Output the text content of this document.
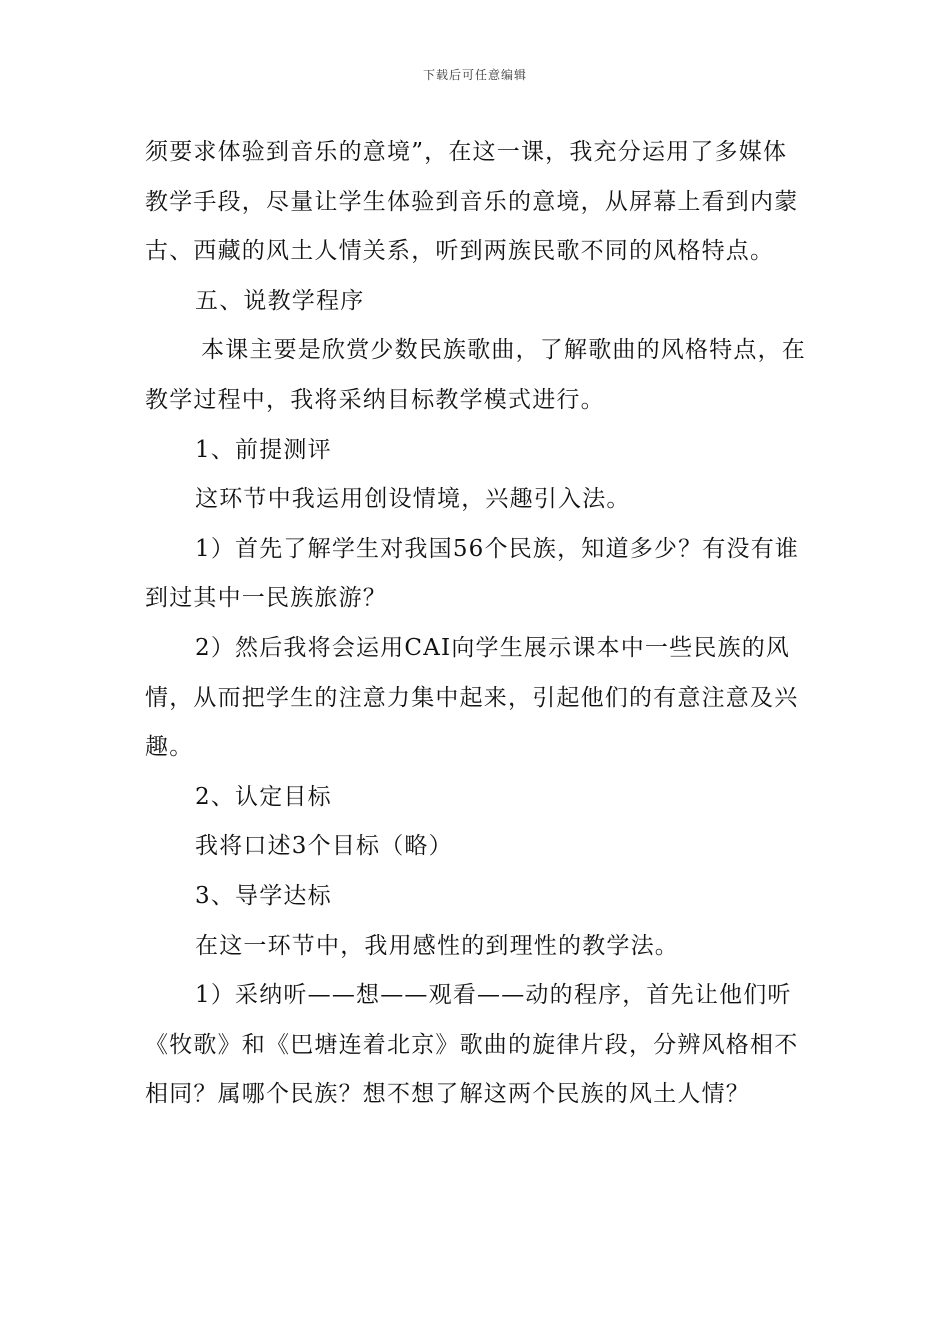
下载后可任意编辑

须要求体验到音乐的意境”，在这一课，我充分运用了多媒体教学手段，尽量让学生体验到音乐的意境，从屏幕上看到内蒙古、西藏的风土人情关系，听到两族民歌不同的风格特点。

五、说教学程序

本课主要是欣赏少数民族歌曲，了解歌曲的风格特点，在教学过程中，我将采纳目标教学模式进行。

1、前提测评

这环节中我运用创设情境，兴趣引入法。

1）首先了解学生对我国56个民族，知道多少？有没有谁到过其中一民族旅游？

2）然后我将会运用CAI向学生展示课本中一些民族的风情，从而把学生的注意力集中起来，引起他们的有意注意及兴趣。

2、认定目标

我将口述3个目标（略）

3、导学达标

在这一环节中，我用感性的到理性的教学法。

1）采纳听——想——观看——动的程序，首先让他们听《牧歌》和《巴塘连着北京》歌曲的旋律片段，分辨风格相不相同？属哪个民族？想不想了解这两个民族的风土人情？
